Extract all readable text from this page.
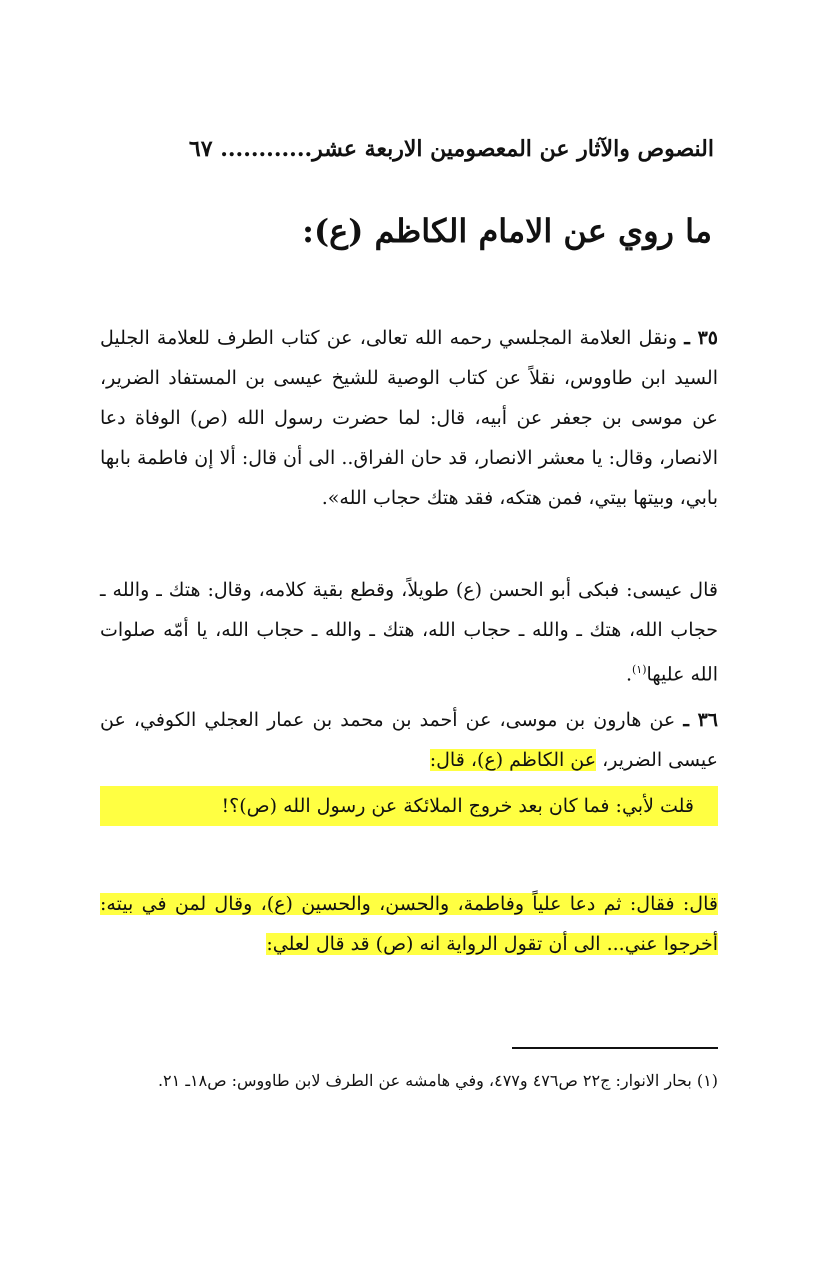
النصوص والآثار عن المعصومين الاربعة عشر............ ٦٧
ما روي عن الامام الكاظم (ع):
٣٥ ـ ونقل العلامة المجلسي رحمه الله تعالى، عن كتاب الطرف للعلامة الجليل السيد ابن طاووس، نقلاً عن كتاب الوصية للشيخ عيسى بن المستفاد الضرير، عن موسى بن جعفر عن أبيه، قال: لما حضرت رسول الله (ص) الوفاة دعا الانصار، وقال: يا معشر الانصار، قد حان الفراق.. الى أن قال: ألا إن فاطمة بابها بابي، وبيتها بيتي، فمن هتكه، فقد هتك حجاب الله».
قال عيسى: فبكى أبو الحسن (ع) طويلاً، وقطع بقية كلامه، وقال: هتك ـ والله ـ حجاب الله، هتك ـ والله ـ حجاب الله، هتك ـ والله ـ حجاب الله، يا أمّه صلوات الله عليها$^{(١)}$.
٣٦ ـ عن هارون بن موسى، عن أحمد بن محمد بن عمار العجلي الكوفي، عن عيسى الضرير، عن الكاظم (ع)، قال:
قلت لأبي: فما كان بعد خروج الملائكة عن رسول الله (ص)؟!
قال: فقال: ثم دعا علياً وفاطمة، والحسن، والحسين (ع)، وقال لمن في بيته: أخرجوا عني... الى أن تقول الرواية انه (ص) قد قال لعلي:
(١) بحار الانوار: ج٢٢ ص٤٧٦ و٤٧٧، وفي هامشه عن الطرف لابن طاووس: ص١٨ـ ٢١.
